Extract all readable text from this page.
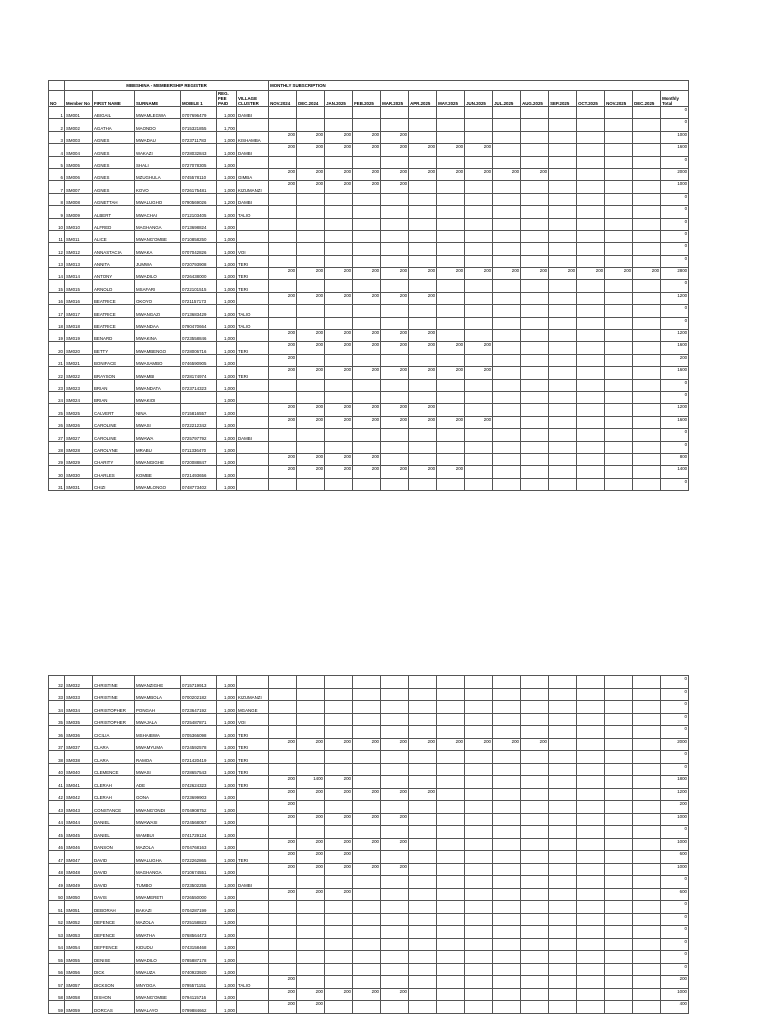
	MBESHINA - MEMBERSHIP REGISTER						MONTHLY SUBSCRIPTION														
NO	Member No	FIRST NAME	SURNAME	MOBILE 1	REG. FEE PAID	VILLAGE CLUSTER	NOV.2024	DEC.2024	JAN.2025	FEB.2025	MAR.2025	APR.2025	MAY.2025	JUN.2025	JUL.2025	AUG.2025	SEP.2025	OCT.2025	NOV.2025	DEC.2025	Monthly Total
1	SM001	ABIGAIL	MWAMLEGWA	0707696479	1,000	DAMBI															0
2	SM002	AGATHA	MAONDO	0715321855	1,700																0
3	SM003	AGNES	MWADAU	0723711783	1,000	KISHAMBA	200	200	200	200	200										1000
4	SM004	AGNES	WAKAZI	0728032843	1,000	DAMBI	200	200	200	200	200	200	200	200							1600
5	SM005	AGNES	SHALI	0727078305	1,000																0
6	SM006	AGNES	MZUGHULA	0745578110	1,000	GIMBA	200	200	200	200	200	200	200	200	200	200					2000
7	SM007	AGNES	KOVO	0726175481	1,000	KIZUMANZI	200	200	200	200	200										1000
8	SM008	AGNETTAH	MWALUGHO	0790569026	1,200	DAMBI															0
9	SM009	ALBERT	MWACHAI	0712103405	1,000	TALIO															0
10	SM010	ALFRED	MAGHANGA	0713698824	1,000																0
11	SM011	ALICE	MWANG'OMBE	0710858250	1,000																0
12	SM012	ANNASTACIA	MWAKA	0707042826	1,000	VOI															0
13	SM013	ANNITA	JUMWA	0720793908	1,000	TERI															0
14	SM014	ANTONY	MWADILO	0726438000	1,000	TERI	200	200	200	200	200	200	200	200	200	200	200	200	200	200	2800
15	SM015	ARNOLD	MSAFARI	0722101515	1,000	TERI															0
16	SM016	BEATRICE	OKOYO	0721157173	1,000		200	200	200	200	200	200									1200
17	SM017	BEATRICE	MWANGAZI	0713683429	1,000	TALIO															0
18	SM018	BEATRICE	MWANDAA	0790470664	1,000	TALIO															0
19	SM019	BENARD	MWAKINA	0723558846	1,000		200	200	200	200	200	200									1200
20	SM020	BETTY	MWAMBENGO	0728006716	1,000	TERI	200	200	200	200	200	200	200	200							1600
21	SM021	BONIFACE	MWASAMBO	0746590905	1,000		200														200
22	SM022	BRAYSON	MWAMBI	0728174974	1,000	TERI	200	200	200	200	200	200	200	200							1600
23	SM023	BRIAN	MWANDATA	0723714323	1,000																0
24	SM024	BRIAN	MWAKIOI		1,000																0
25	SM025	CALVERT	NINA	0715816557	1,000		200	200	200	200	200	200									1200
26	SM026	CAROLINE	MWASI	0722212342	1,000		200	200	200	200	200	200	200	200							1600
27	SM027	CAROLINE	MWAWA	0725797792	1,000	DAMBI															0
28	SM028	CAROLYNE	MRABU	0711336470	1,000																0
29	SM029	CHARITY	MWANGIGHE	0720088847	1,000		200	200	200	200											800
30	SM030	CHARLES	KOMBE	0721493656	1,000		200	200	200	200	200	200	200								1400
31	SM031	CHIZI	MWAMLONGO	0748773402	1,000																0
32	SM032	CHRISTINE	MWANZIGHE	0715719913	1,000																0
33	SM033	CHRISTINE	MWAMBOLA	0700202182	1,000	KIZUMANZI															0
34	SM034	CHRISTOPHER	PONGAH	0723647192	1,000	MGANGE															0
35	SM035	CHRISTOPHER	MWAJALA	0725487871	1,000	VOI															0
36	SM036	CICILIA	MSHAIBWA	0705366098	1,000	TERI															0
37	SM037	CLARA	MWAMYUMA	0724592578	1,000	TERI	200	200	200	200	200	200	200	200	200	200					2000
38	SM038	CLARA	RAMOA	0721420419	1,000	TERI															0
40	SM040	CLEMENCE	MWASI	0728657543	1,000	TERI															0
41	SM041	CLERAH	ADE	0742624323	1,000	TERI	200	1400	200												1800
42	SM042	CLERAH	GONA	0723699903	1,000		200	200	200	200	200	200									1200
43	SM043	CONSTANCE	MWANG'ONDI	0704908752	1,000		200														200
44	SM044	DANIEL	MWAWASI	0724568057	1,000		200	200	200	200	200										1000
45	SM045	DANIEL	WAMBUI	0741729124	1,000																0
46	SM046	DANSON	MAZOLA	0704768163	1,000		200	200	200	200	200										1000
47	SM047	DAVID	MWALUGHA	0722262865	1,000	TERI	200	200	200												600
48	SM048	DAVID	MAGHANGA	0710674551	1,000		200	200	200	200	200										1000
49	SM049	DAVID	TUMBO	0723502255	1,000	DAMBI															0
50	SM050	DAVIS	MWAMERETI	0726550000	1,000		200	200	200												600
51	SM051	DEBORAH	BAKAZI	0704287199	1,000																0
52	SM052	DEFENCE	MAZOLA	0725158823	1,000																0
53	SM053	DEFENCE	MWATHA	0768564473	1,000																0
54	SM054	DEFFENCE	KIDUDU	0743158468	1,000																0
55	SM055	DENISE	MWADILO	0785887178	1,000																0
56	SM056	DICK	MWAUZA	0740923920	1,000																0
57	SM057	DICKSON	MNYOGA	0795571151	1,000	TALIO	200														200
58	SM058	DISHON	MWANG'OMBE	0794115716	1,000		200	200	200	200	200										1000
59	SM059	DORCAS	MWALAYO	0799884662	1,000		200	200													400
